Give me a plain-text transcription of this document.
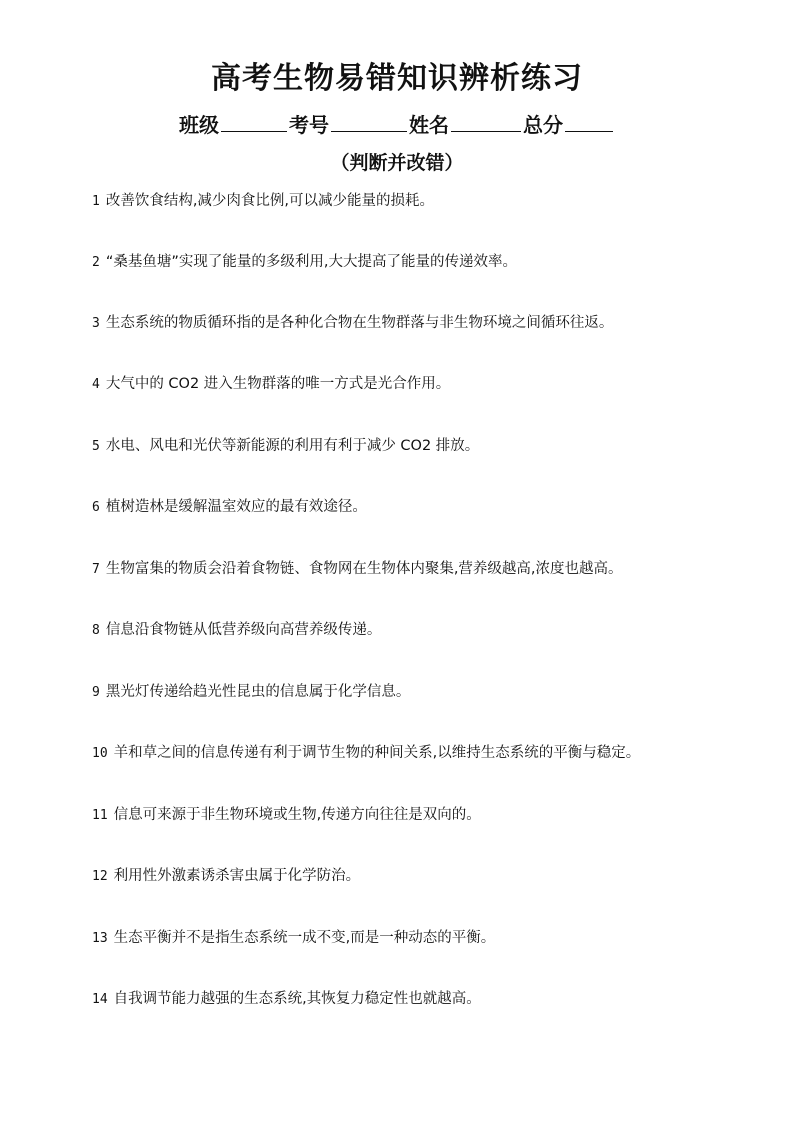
高考生物易错知识辨析练习
班级	考号	姓名	总分
（判断并改错）
1 改善饮食结构,减少肉食比例,可以减少能量的损耗。
2 “桑基鱼塘”实现了能量的多级利用,大大提高了能量的传递效率。
3 生态系统的物质循环指的是各种化合物在生物群落与非生物环境之间循环往返。
4 大气中的 CO2 进入生物群落的唯一方式是光合作用。
5 水电、风电和光伏等新能源的利用有利于减少 CO2 排放。
6 植树造林是缓解温室效应的最有效途径。
7 生物富集的物质会沿着食物链、食物网在生物体内聚集,营养级越高,浓度也越高。
8 信息沿食物链从低营养级向高营养级传递。
9 黑光灯传递给趋光性昆虫的信息属于化学信息。
10 羊和草之间的信息传递有利于调节生物的种间关系,以维持生态系统的平衡与稳定。
11 信息可来源于非生物环境或生物,传递方向往往是双向的。
12 利用性外激素诱杀害虫属于化学防治。
13 生态平衡并不是指生态系统一成不变,而是一种动态的平衡。
14 自我调节能力越强的生态系统,其恢复力稳定性也就越高。
